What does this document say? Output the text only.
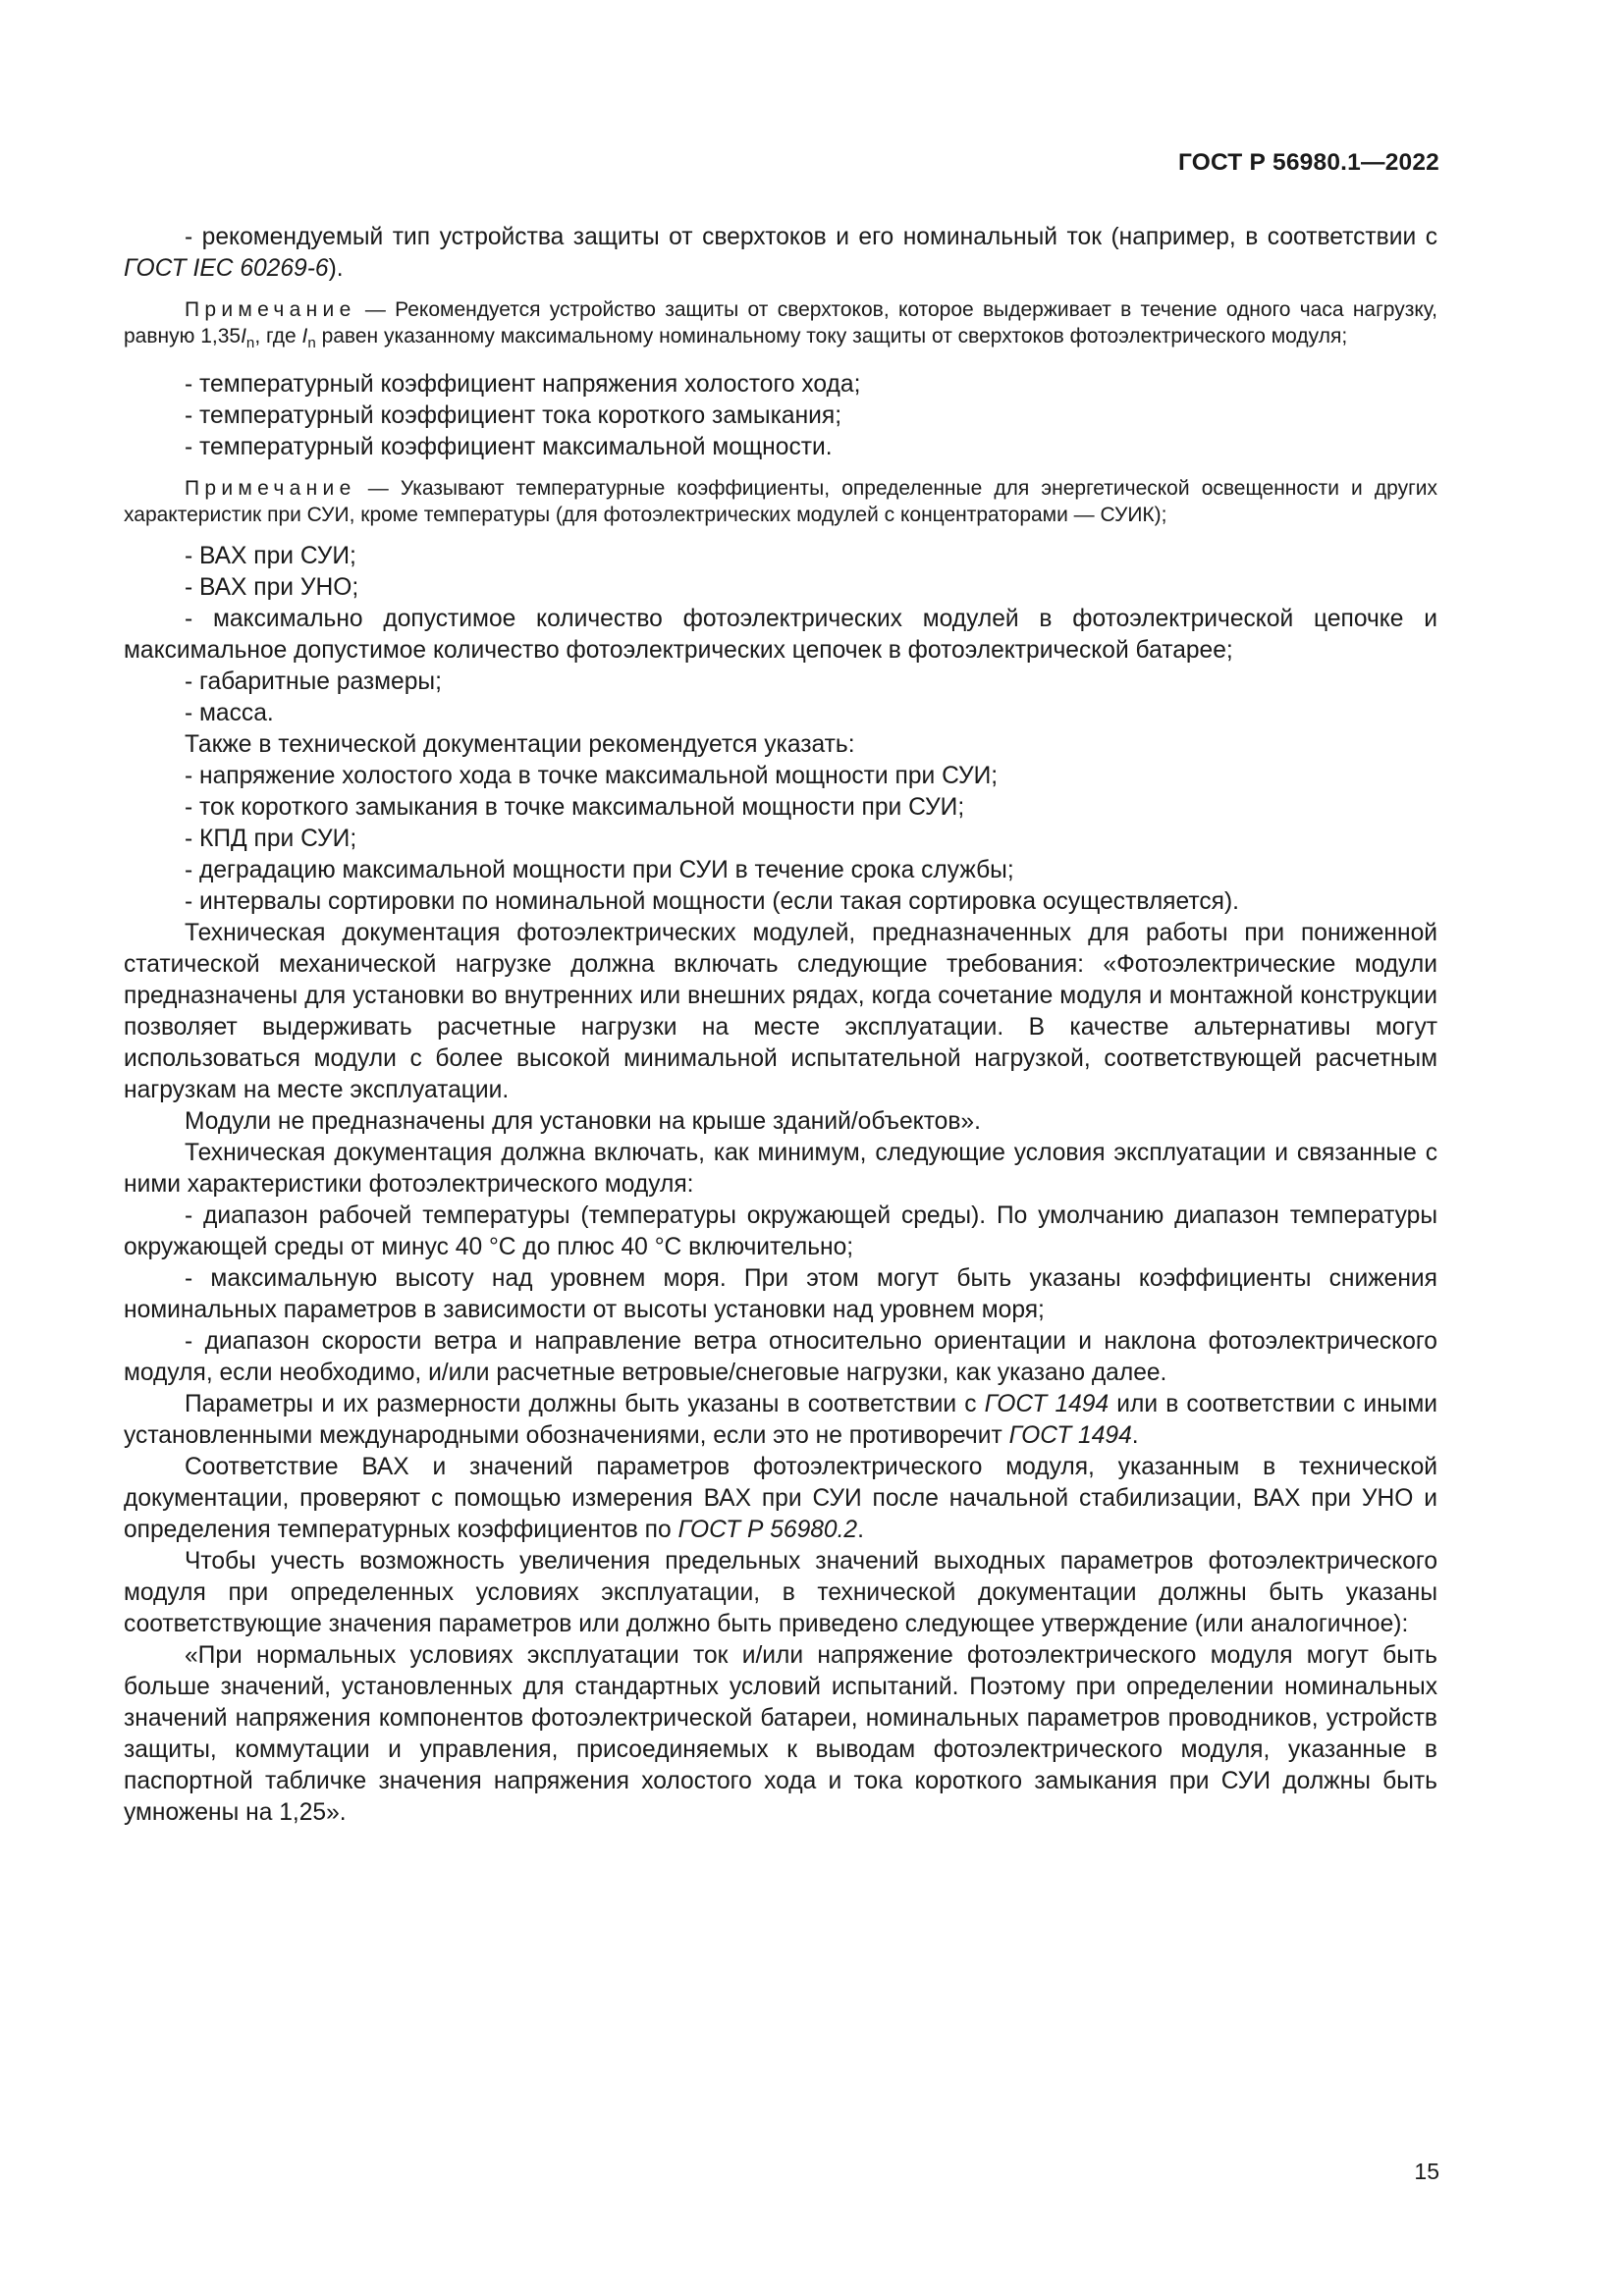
ГОСТ Р 56980.1—2022

- рекомендуемый тип устройства защиты от сверхтоков и его номинальный ток (например, в соответствии с ГОСТ IEC 60269-6).

Примечание — Рекомендуется устройство защиты от сверхтоков, которое выдерживает в течение одного часа нагрузку, равную $1,35I_n$, где $I_n$ равен указанному максимальному номинальному току защиты от сверхтоков фотоэлектрического модуля;

- температурный коэффициент напряжения холостого хода;

- температурный коэффициент тока короткого замыкания;

- температурный коэффициент максимальной мощности.

Примечание — Указывают температурные коэффициенты, определенные для энергетической освещенности и других характеристик при СУИ, кроме температуры (для фотоэлектрических модулей с концентраторами — СУИК);

- ВАХ при СУИ;

- ВАХ при УНО;

- максимально допустимое количество фотоэлектрических модулей в фотоэлектрической цепочке и максимальное допустимое количество фотоэлектрических цепочек в фотоэлектрической батарее;

- габаритные размеры;

- масса.

Также в технической документации рекомендуется указать:

- напряжение холостого хода в точке максимальной мощности при СУИ;

- ток короткого замыкания в точке максимальной мощности при СУИ;

- КПД при СУИ;

- деградацию максимальной мощности при СУИ в течение срока службы;

- интервалы сортировки по номинальной мощности (если такая сортировка осуществляется).

Техническая документация фотоэлектрических модулей, предназначенных для работы при пониженной статической механической нагрузке должна включать следующие требования: «Фотоэлектрические модули предназначены для установки во внутренних или внешних рядах, когда сочетание модуля и монтажной конструкции позволяет выдерживать расчетные нагрузки на месте эксплуатации. В качестве альтернативы могут использоваться модули с более высокой минимальной испытательной нагрузкой, соответствующей расчетным нагрузкам на месте эксплуатации.

Модули не предназначены для установки на крыше зданий/объектов».

Техническая документация должна включать, как минимум, следующие условия эксплуатации и связанные с ними характеристики фотоэлектрического модуля:

- диапазон рабочей температуры (температуры окружающей среды). По умолчанию диапазон температуры окружающей среды от минус 40 °С до плюс 40 °С включительно;

- максимальную высоту над уровнем моря. При этом могут быть указаны коэффициенты снижения номинальных параметров в зависимости от высоты установки над уровнем моря;

- диапазон скорости ветра и направление ветра относительно ориентации и наклона фотоэлектрического модуля, если необходимо, и/или расчетные ветровые/снеговые нагрузки, как указано далее.

Параметры и их размерности должны быть указаны в соответствии с ГОСТ 1494 или в соответствии с иными установленными международными обозначениями, если это не противоречит ГОСТ 1494.

Соответствие ВАХ и значений параметров фотоэлектрического модуля, указанным в технической документации, проверяют с помощью измерения ВАХ при СУИ после начальной стабилизации, ВАХ при УНО и определения температурных коэффициентов по ГОСТ Р 56980.2.

Чтобы учесть возможность увеличения предельных значений выходных параметров фотоэлектрического модуля при определенных условиях эксплуатации, в технической документации должны быть указаны соответствующие значения параметров или должно быть приведено следующее утверждение (или аналогичное):

«При нормальных условиях эксплуатации ток и/или напряжение фотоэлектрического модуля могут быть больше значений, установленных для стандартных условий испытаний. Поэтому при определении номинальных значений напряжения компонентов фотоэлектрической батареи, номинальных параметров проводников, устройств защиты, коммутации и управления, присоединяемых к выводам фотоэлектрического модуля, указанные в паспортной табличке значения напряжения холостого хода и тока короткого замыкания при СУИ должны быть умножены на 1,25».

15
